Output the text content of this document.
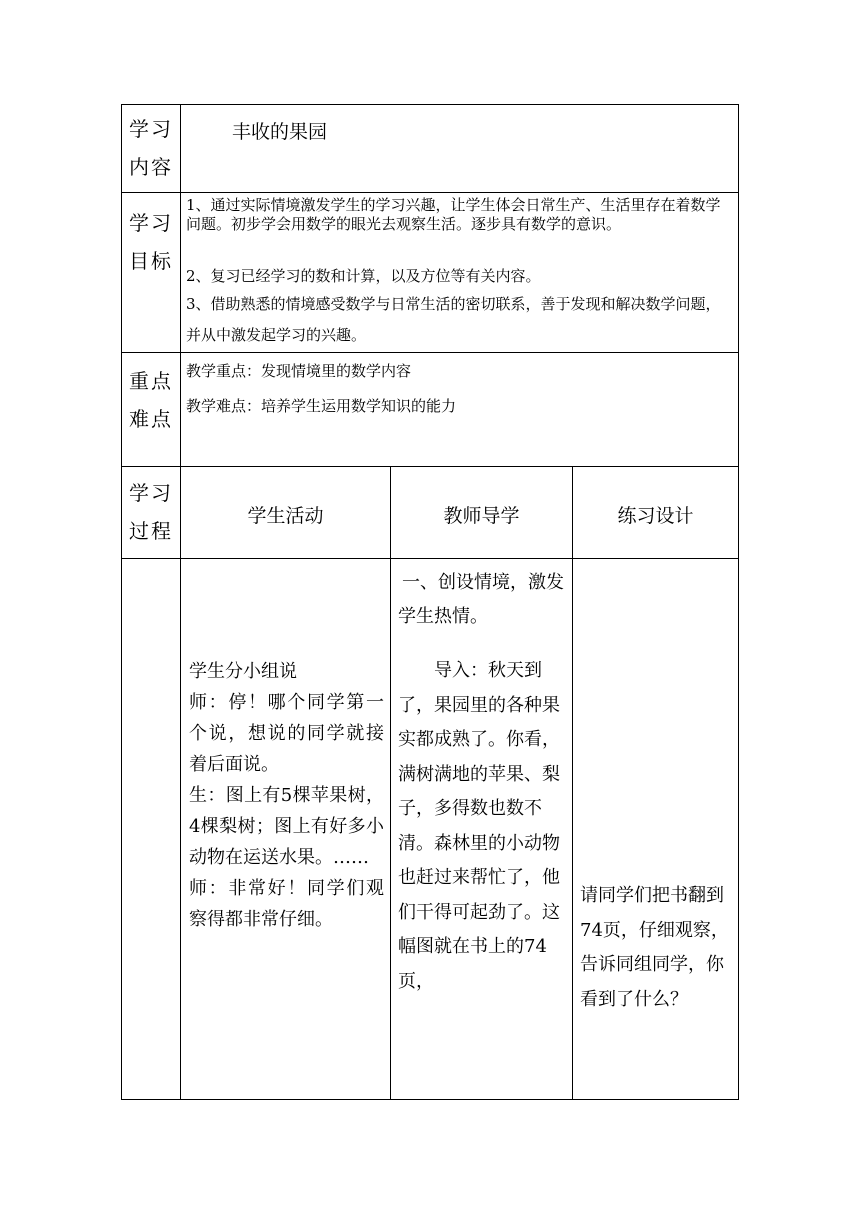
学习内容
丰收的果园
学习目标
1、通过实际情境激发学生的学习兴趣，让学生体会日常生产、生活里存在着数学问题。初步学会用数学的眼光去观察生活。逐步具有数学的意识。
2、复习已经学习的数和计算，以及方位等有关内容。
3、借助熟悉的情境感受数学与日常生活的密切联系，善于发现和解决数学问题，并从中激发起学习的兴趣。
重点难点
教学重点：发现情境里的数学内容
教学难点：培养学生运用数学知识的能力
学习过程
学生活动	教师导学	练习设计
学生分小组说
师：停！哪个同学第一个说，想说的同学就接着后面说。
生：图上有5棵苹果树，4棵梨树；图上有好多小动物在运送水果。……
师：非常好！同学们观察得都非常仔细。
一、创设情境，激发学生热情。
导入：秋天到了，果园里的各种果实都成熟了。你看，满树满地的苹果、梨子，多得数也数不清。森林里的小动物也赶过来帮忙了，他们干得可起劲了。这幅图就在书上的74页，
请同学们把书翻到74页，仔细观察，告诉同组同学，你看到了什么？
